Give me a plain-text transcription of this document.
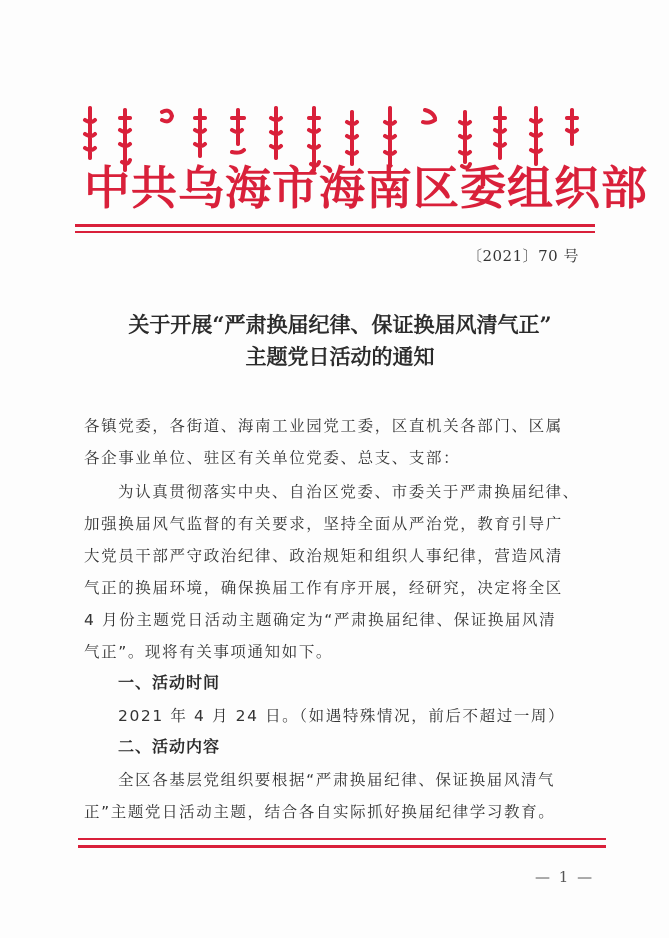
中共乌海市海南区委组织部
〔2021〕70 号
关于开展“严肃换届纪律、保证换届风清气正”
主题党日活动的通知
各镇党委，各街道、海南工业园党工委，区直机关各部门、区属
各企事业单位、驻区有关单位党委、总支、支部：
为认真贯彻落实中央、自治区党委、市委关于严肃换届纪律、
加强换届风气监督的有关要求，坚持全面从严治党，教育引导广
大党员干部严守政治纪律、政治规矩和组织人事纪律，营造风清
气正的换届环境，确保换届工作有序开展，经研究，决定将全区
4 月份主题党日活动主题确定为“严肃换届纪律、保证换届风清
气正”。现将有关事项通知如下。
一、活动时间
2021 年 4 月 24 日。（如遇特殊情况，前后不超过一周）
二、活动内容
全区各基层党组织要根据“严肃换届纪律、保证换届风清气
正”主题党日活动主题，结合各自实际抓好换届纪律学习教育。
— 1 —
